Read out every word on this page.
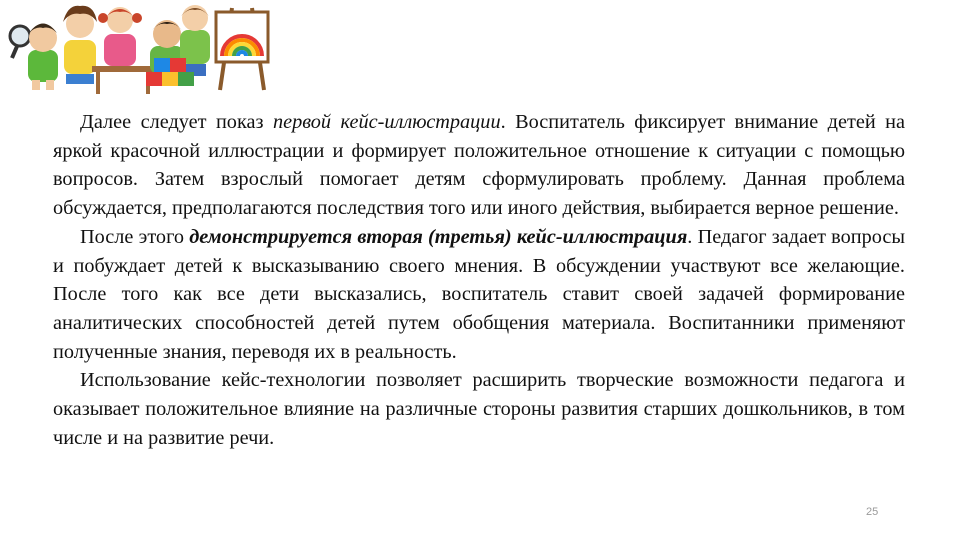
Далее следует показ первой кейс-иллюстрации. Воспитатель фиксирует внимание детей на яркой красочной иллюстрации и формирует положительное отношение к ситуации с помощью вопросов. Затем взрослый помогает детям сформулировать проблему. Данная проблема обсуждается, предполагаются последствия того или иного действия, выбирается верное решение.

После этого демонстрируется вторая (третья) кейс-иллюстрация. Педагог задает вопросы и побуждает детей к высказыванию своего мнения. В обсуждении участвуют все желающие. После того как все дети высказались, воспитатель ставит своей задачей формирование аналитических способностей детей путем обобщения материала. Воспитанники применяют полученные знания, переводя их в реальность.

Использование кейс-технологии позволяет расширить творческие возможности педагога и оказывает положительное влияние на различные стороны развития старших дошкольников, в том числе и на развитие речи.

25
